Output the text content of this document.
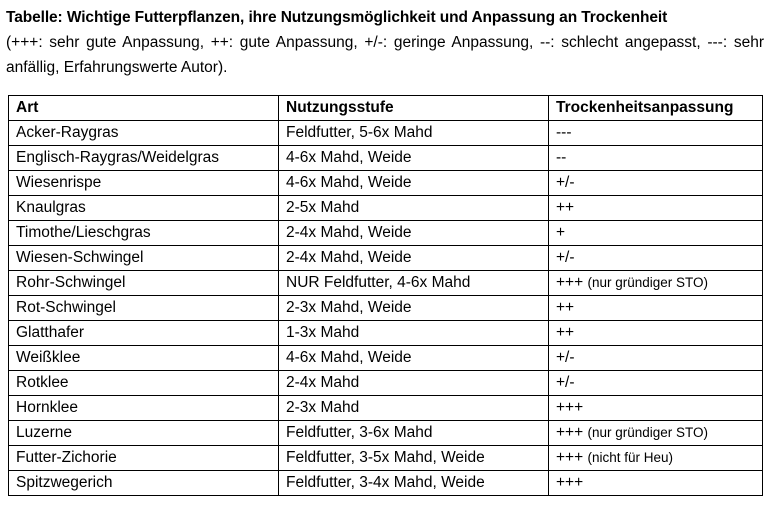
Tabelle: Wichtige Futterpflanzen, ihre Nutzungsmöglichkeit und Anpassung an Trockenheit
(+++: sehr gute Anpassung, ++: gute Anpassung, +/-: geringe Anpassung, --: schlecht angepasst, ---: sehr anfällig, Erfahrungswerte Autor).
Art	Nutzungsstufe	Trockenheitsanpassung
Acker-Raygras	Feldfutter, 5-6x Mahd	---
Englisch-Raygras/Weidelgras	4-6x Mahd, Weide	--
Wiesenrispe	4-6x Mahd, Weide	+/-
Knaulgras	2-5x Mahd	++
Timothe/Lieschgras	2-4x Mahd, Weide	+
Wiesen-Schwingel	2-4x Mahd, Weide	+/-
Rohr-Schwingel	NUR Feldfutter, 4-6x Mahd	+++ (nur gründiger STO)
Rot-Schwingel	2-3x Mahd, Weide	++
Glatthafer	1-3x Mahd	++
Weißklee	4-6x Mahd, Weide	+/-
Rotklee	2-4x Mahd	+/-
Hornklee	2-3x Mahd	+++
Luzerne	Feldfutter, 3-6x Mahd	+++ (nur gründiger STO)
Futter-Zichorie	Feldfutter, 3-5x Mahd, Weide	+++ (nicht für Heu)
Spitzwegerich	Feldfutter, 3-4x Mahd, Weide	+++
